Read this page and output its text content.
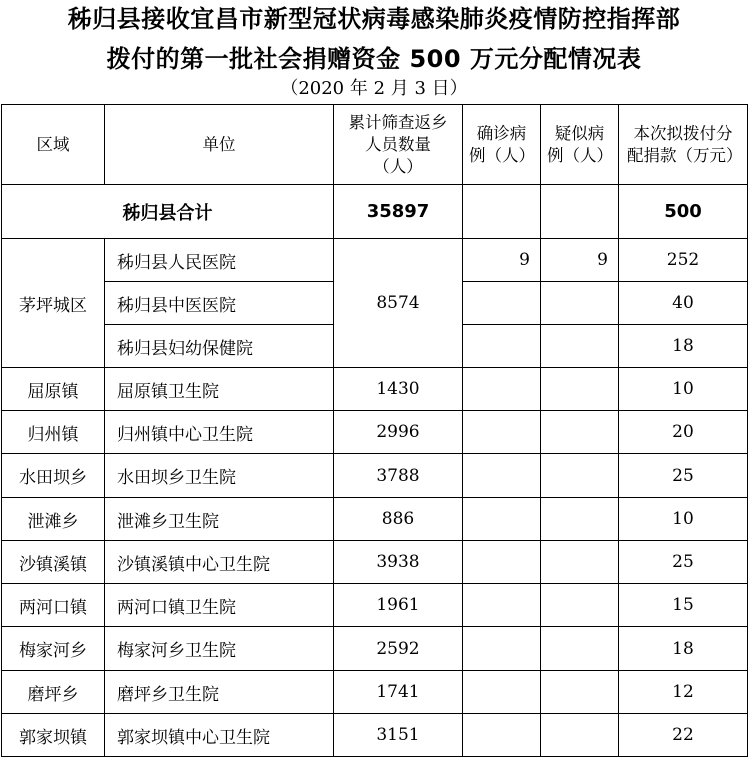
秭归县接收宜昌市新型冠状病毒感染肺炎疫情防控指挥部
拨付的第一批社会捐赠资金 500 万元分配情况表
（2020 年 2 月 3 日）
区域	单位	累计筛查返乡人员数量（人）	确诊病例（人）	疑似病例（人）	本次拟拨付分配捐款（万元）
秭归县合计		35897			500
茅坪城区	秭归县人民医院	8574	9	9	252
	秭归县中医医院				40
	秭归县妇幼保健院				18
屈原镇	屈原镇卫生院	1430			10
归州镇	归州镇中心卫生院	2996			20
水田坝乡	水田坝乡卫生院	3788			25
泄滩乡	泄滩乡卫生院	886			10
沙镇溪镇	沙镇溪镇中心卫生院	3938			25
两河口镇	两河口镇卫生院	1961			15
梅家河乡	梅家河乡卫生院	2592			18
磨坪乡	磨坪乡卫生院	1741			12
郭家坝镇	郭家坝镇中心卫生院	3151			22
